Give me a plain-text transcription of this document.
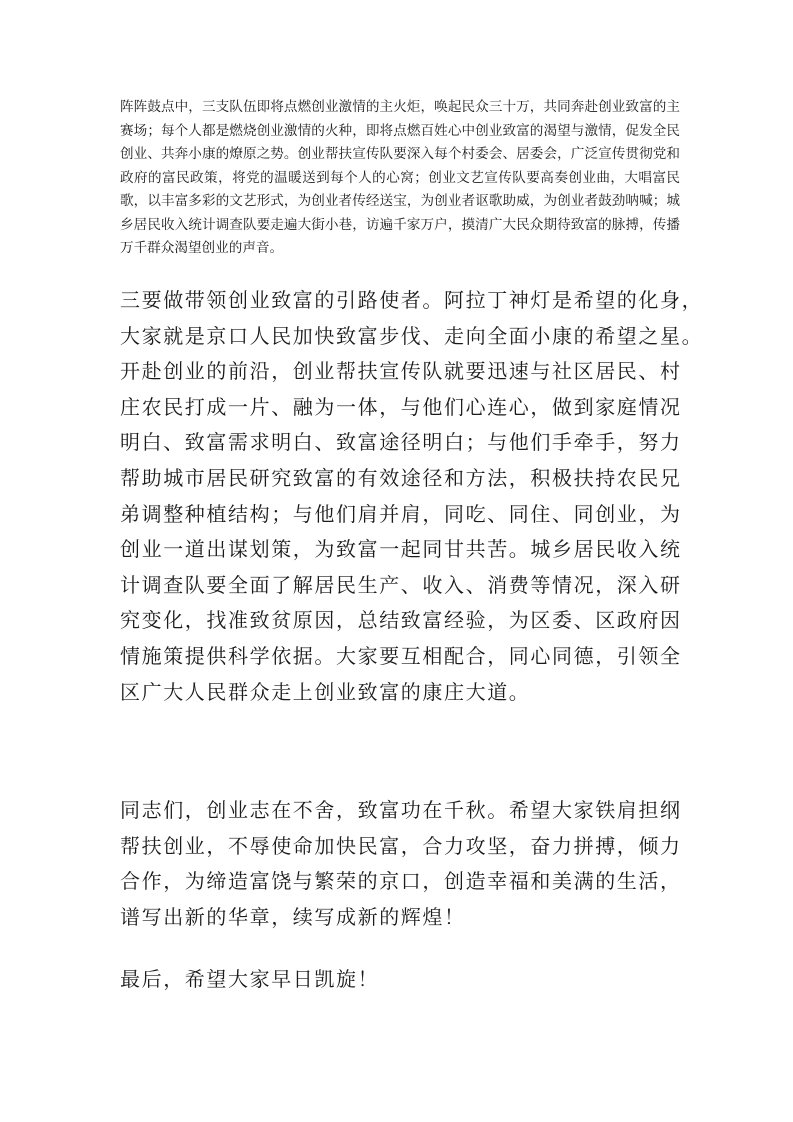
阵阵鼓点中，三支队伍即将点燃创业激情的主火炬，唤起民众三十万，共同奔赴创业致富的主赛场；每个人都是燃烧创业激情的火种，即将点燃百姓心中创业致富的渴望与激情，促发全民创业、共奔小康的燎原之势。创业帮扶宣传队要深入每个村委会、居委会，广泛宣传贯彻党和政府的富民政策，将党的温暖送到每个人的心窝；创业文艺宣传队要高奏创业曲，大唱富民歌，以丰富多彩的文艺形式，为创业者传经送宝，为创业者讴歌助威，为创业者鼓劲呐喊；城乡居民收入统计调查队要走遍大街小巷，访遍千家万户，摸清广大民众期待致富的脉搏，传播万千群众渴望创业的声音。

三要做带领创业致富的引路使者。阿拉丁神灯是希望的化身，
大家就是京口人民加快致富步伐、走向全面小康的希望之星。
开赴创业的前沿，创业帮扶宣传队就要迅速与社区居民、村
庄农民打成一片、融为一体，与他们心连心，做到家庭情况
明白、致富需求明白、致富途径明白；与他们手牵手，努力
帮助城市居民研究致富的有效途径和方法，积极扶持农民兄
弟调整种植结构；与他们肩并肩，同吃、同住、同创业，为
创业一道出谋划策，为致富一起同甘共苦。城乡居民收入统
计调查队要全面了解居民生产、收入、消费等情况，深入研
究变化，找准致贫原因，总结致富经验，为区委、区政府因
情施策提供科学依据。大家要互相配合，同心同德，引领全
区广大人民群众走上创业致富的康庄大道。
同志们，创业志在不舍，致富功在千秋。希望大家铁肩担纲
帮扶创业，不辱使命加快民富，合力攻坚，奋力拼搏，倾力
合作，为缔造富饶与繁荣的京口，创造幸福和美满的生活，
谱写出新的华章，续写成新的辉煌！
最后，希望大家早日凯旋！
